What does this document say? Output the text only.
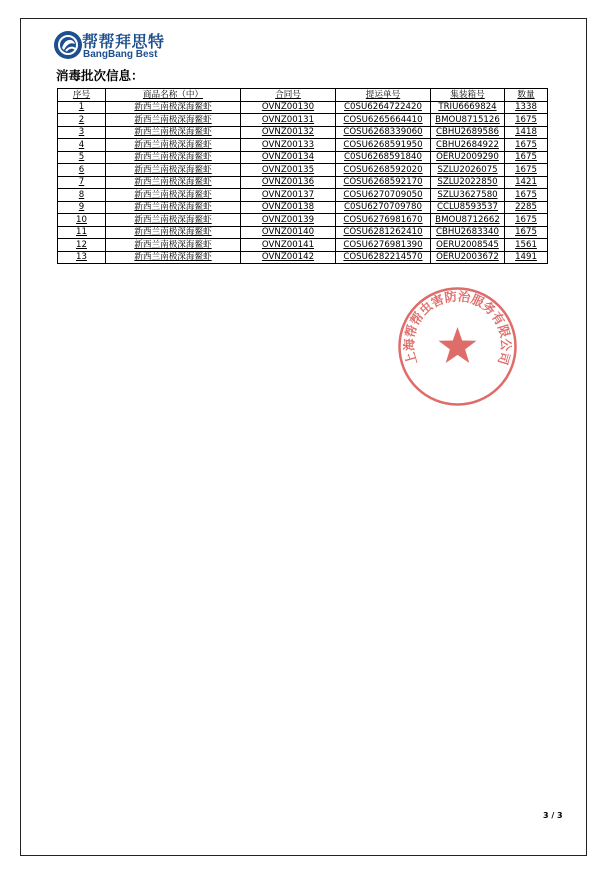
帮帮拜思特
BangBang Best
消毒批次信息：
序号	商品名称（中）	合同号	提运单号	集装箱号	数量
1	新西兰南极深海鳌虾	OVNZ00130	C0SU6264722420	TRIU6669824	1338
2	新西兰南极深海鳌虾	OVNZ00131	COSU6265664410	BMOU8715126	1675
3	新西兰南极深海鳌虾	OVNZ00132	COSU6268339060	CBHU2689586	1418
4	新西兰南极深海鳌虾	OVNZ00133	COSU6268591950	CBHU2684922	1675
5	新西兰南极深海鳌虾	OVNZ00134	C0SU6268591840	OERU2009290	1675
6	新西兰南极深海鳌虾	OVNZ00135	COSU6268592020	SZLU2026075	1675
7	新西兰南极深海鳌虾	OVNZ00136	COSU6268592170	SZLU2022850	1421
8	新西兰南极深海鳌虾	OVNZ00137	COSU6270709050	SZLU3627580	1675
9	新西兰南极深海鳌虾	OVNZ00138	C0SU6270709780	CCLU8593537	2285
10	新西兰南极深海鳌虾	OVNZ00139	COSU6276981670	BMOU8712662	1675
11	新西兰南极深海鳌虾	OVNZ00140	COSU6281262410	CBHU2683340	1675
12	新西兰南极深海鳌虾	OVNZ00141	COSU6276981390	OERU2008545	1561
13	新西兰南极深海鳌虾	OVNZ00142	COSU6282214570	OERU2003672	1491
上海帮帮虫害防治服务有限公司
3 / 3
